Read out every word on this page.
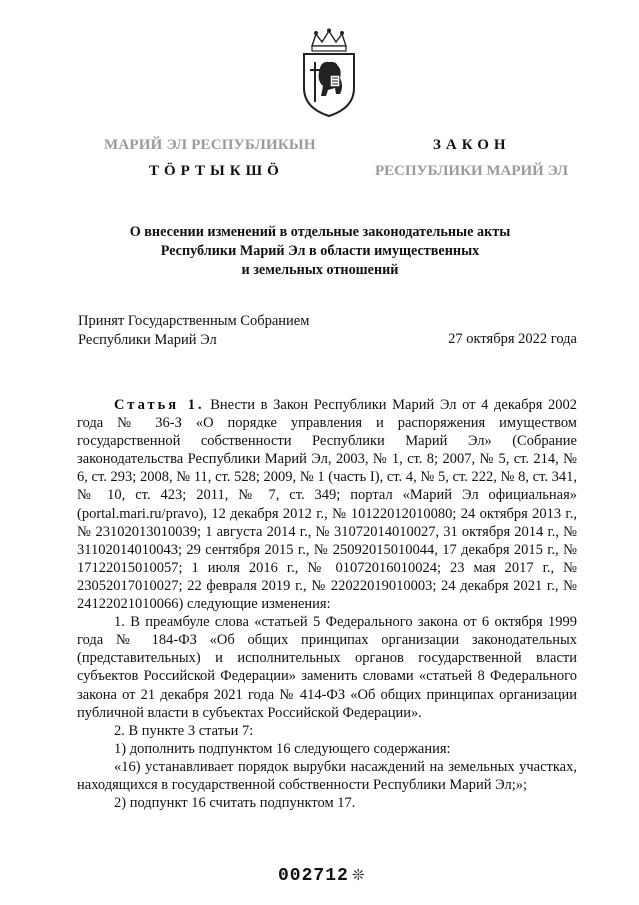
МАРИЙ ЭЛ РЕСПУБЛИКЫН
ТӦРТЫКШӦ
ЗАКОН
РЕСПУБЛИКИ МАРИЙ ЭЛ
О внесении изменений в отдельные законодательные акты
Республики Марий Эл в области имущественных
и земельных отношений
Принят Государственным Собранием
Республики Марий Эл	27 октября 2022 года

Статья 1. Внести в Закон Республики Марий Эл от 4 декабря 2002 года № 36-З «О порядке управления и распоряжения имуществом государственной собственности Республики Марий Эл» (Собрание законодательства Республики Марий Эл, 2003, № 1, ст. 8; 2007, № 5, ст. 214, № 6, ст. 293; 2008, № 11, ст. 528; 2009, № 1 (часть I), ст. 4, № 5, ст. 222, № 8, ст. 341, № 10, ст. 423; 2011, № 7, ст. 349; портал «Марий Эл официальная» (portal.mari.ru/pravo), 12 декабря 2012 г., № 10122012010080; 24 октября 2013 г., № 23102013010039; 1 августа 2014 г., № 31072014010027, 31 октября 2014 г., № 31102014010043; 29 сентября 2015 г., № 25092015010044, 17 декабря 2015 г., № 17122015010057; 1 июля 2016 г., № 01072016010024; 23 мая 2017 г., № 23052017010027; 22 февраля 2019 г., № 22022019010003; 24 декабря 2021 г., № 24122021010066) следующие изменения:

1. В преамбуле слова «статьей 5 Федерального закона от 6 октября 1999 года № 184-ФЗ «Об общих принципах организации законодательных (представительных) и исполнительных органов государственной власти субъектов Российской Федерации» заменить словами «статьей 8 Федерального закона от 21 декабря 2021 года № 414-ФЗ «Об общих принципах организации публичной власти в субъектах Российской Федерации».

2. В пункте 3 статьи 7:

1) дополнить подпунктом 16 следующего содержания:

«16) устанавливает порядок вырубки насаждений на земельных участках, находящихся в государственной собственности Республики Марий Эл;»;

2) подпункт 16 считать подпунктом 17.

002712 ❊
